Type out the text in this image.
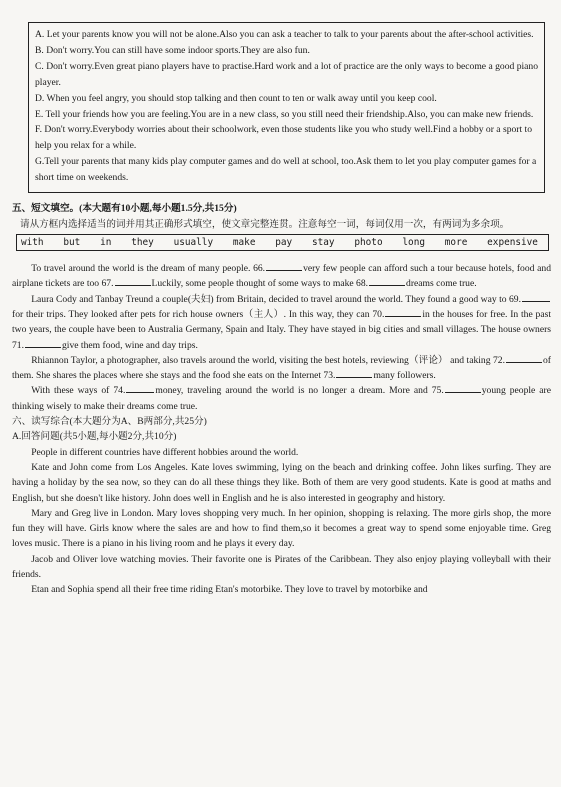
A. Let your parents know you will not be alone.Also you can ask a teacher to talk to your parents about the after-school activities.

B. Don't worry.You can still have some indoor sports.They are also fun.

C. Don't worry.Even great piano players have to practise.Hard work and a lot of practice are the only ways to become a good piano player.

D. When you feel angry, you should stop talking and then count to ten or walk away until you keep cool.

E. Tell your friends how you are feeling.You are in a new class, so you still need their friendship.Also, you can make new friends.

F. Don't worry.Everybody worries about their schoolwork, even those students like you who study well.Find a hobby or a sport to help you relax for a while.

G.Tell your parents that many kids play computer games and do well at school, too.Ask them to let you play computer games for a short time on weekends.

五、短文填空。(本大题有10小题,每小题1.5分,共15分)

请从方框内选择适当的词并用其正确形式填空，使文章完整连贯。注意每空一词，每词仅用一次，有两词为多余项。

with but in they usually make pay stay photo long more expensive

To travel around the world is the dream of many people. 66.	very few people can afford such a tour because hotels, food and airplane tickets are too 67.	Luckily, some people thought of some ways to make 68.	dreams come true.

Laura Cody and Tanbay Treund a couple(夫妇) from Britain, decided to travel around the world. They found a good way to 69.for their trips. They looked after pets for rich house owners（主人）. In this way, they can 70.	in the houses for free. In the past two years, the couple have been to Australia Germany, Spain and Italy. They have stayed in big cities and small villages. The house owners 71.	give them food, wine and day trips.

Rhiannon Taylor, a photographer, also travels around the world, visiting the best hotels, reviewing（评论） and taking 72.	of them. She shares the places where she stays and the food she eats on the Internet 73.	many followers.

With these ways of 74.	money, traveling around the world is no longer a dream. More and 75.	young people are thinking wisely to make their dreams come true.

六、读写综合(本大题分为A、B两部分,共25分)

A.回答问题(共5小题,每小题2分,共10分)

People in different countries have different hobbies around the world.

Kate and John come from Los Angeles. Kate loves swimming, lying on the beach and drinking coffee. John likes surfing. They are having a holiday by the sea now, so they can do all these things they like. Both of them are very good students. Kate is good at maths and English, but she doesn't like history. John does well in English and he is also interested in geography and history.

Mary and Greg live in London. Mary loves shopping very much. In her opinion, shopping is relaxing. The more girls shop, the more fun they will have. Girls know where the sales are and how to find them,so it becomes a great way to spend some enjoyable time. Greg loves music. There is a piano in his living room and he plays it every day.

Jacob and Oliver love watching movies. Their favorite one is Pirates of the Caribbean. They also enjoy playing volleyball with their friends.

Etan and Sophia spend all their free time riding Etan's motorbike. They love to travel by motorbike and
